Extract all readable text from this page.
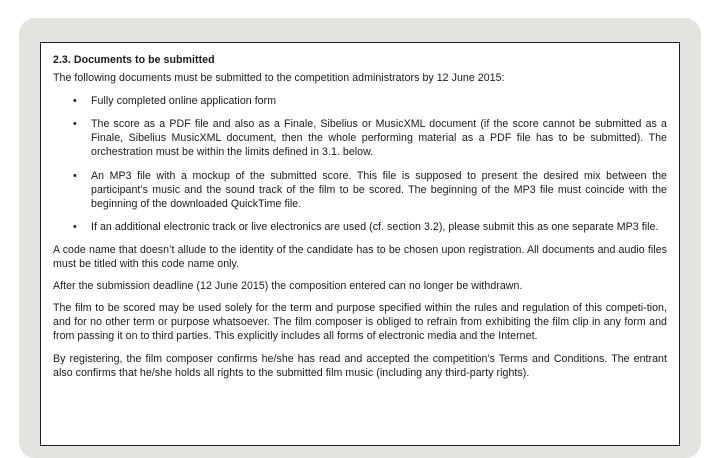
2.3. Documents to be submitted
The following documents must be submitted to the competition administrators by 12 June 2015:
• Fully completed online application form
• The score as a PDF file and also as a Finale, Sibelius or MusicXML document (if the score cannot be submitted as a Finale, Sibelius MusicXML document, then the whole performing material as a PDF file has to be submitted). The orchestration must be within the limits defined in 3.1. below.
• An MP3 file with a mockup of the submitted score. This file is supposed to present the desired mix between the participant’s music and the sound track of the film to be scored. The beginning of the MP3 file must coincide with the beginning of the downloaded QuickTime file.
• If an additional electronic track or live electronics are used (cf. section 3.2), please submit this as one separate MP3 file.

A code name that doesn’t allude to the identity of the candidate has to be chosen upon registration. All documents and audio files must be titled with this code name only.

After the submission deadline (12 June 2015) the composition entered can no longer be withdrawn.

The film to be scored may be used solely for the term and purpose specified within the rules and regulation of this competi-tion, and for no other term or purpose whatsoever. The film composer is obliged to refrain from exhibiting the film clip in any form and from passing it on to third parties. This explicitly includes all forms of electronic media and the Internet.

By registering, the film composer confirms he/she has read and accepted the competition’s Terms and Conditions. The entrant also confirms that he/she holds all rights to the submitted film music (including any third-party rights).
